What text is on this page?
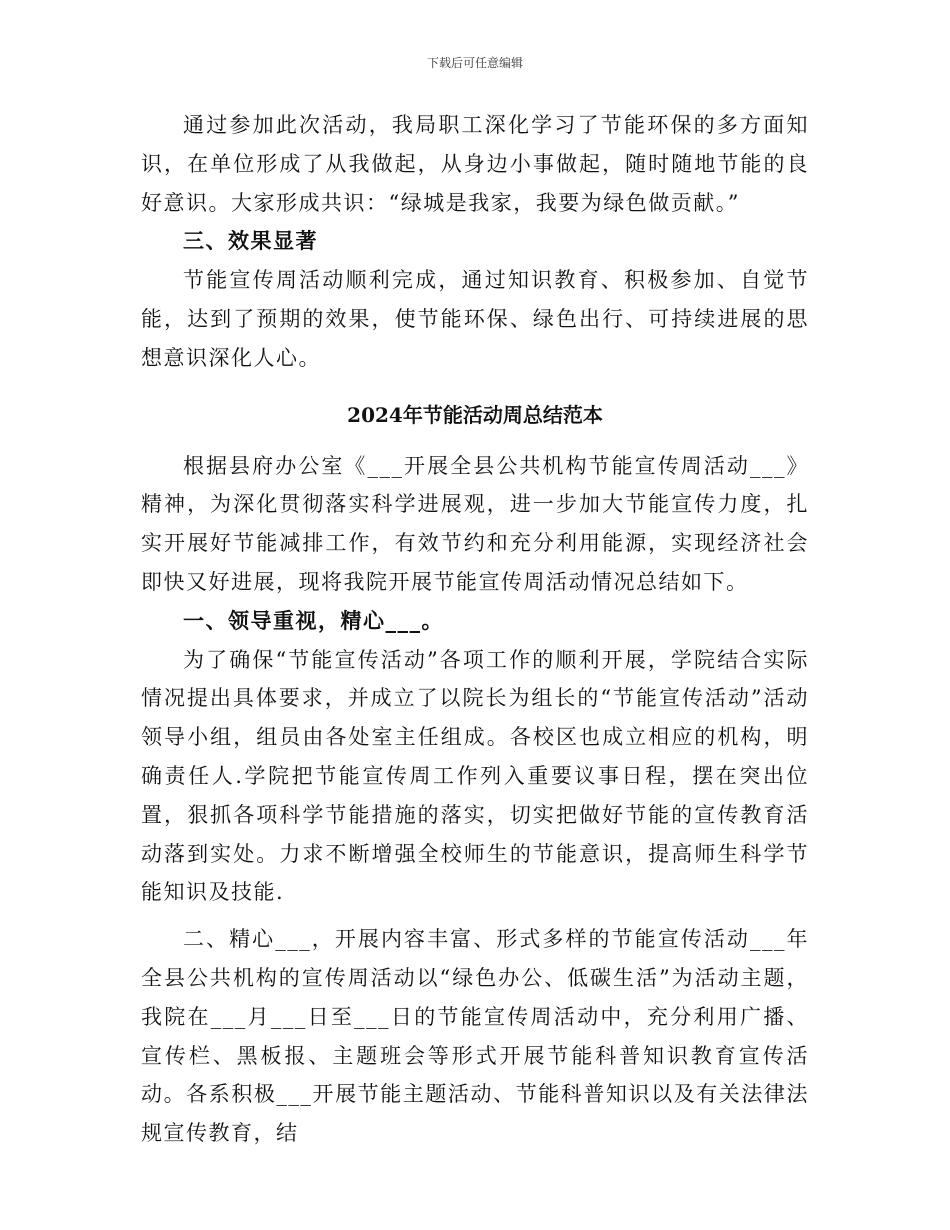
下载后可任意编辑

通过参加此次活动，我局职工深化学习了节能环保的多方面知识，在单位形成了从我做起，从身边小事做起，随时随地节能的良好意识。大家形成共识：“绿城是我家，我要为绿色做贡献。”

三、效果显著

节能宣传周活动顺利完成，通过知识教育、积极参加、自觉节能，达到了预期的效果，使节能环保、绿色出行、可持续进展的思想意识深化人心。

2024年节能活动周总结范本

根据县府办公室《___开展全县公共机构节能宣传周活动___》精神，为深化贯彻落实科学进展观，进一步加大节能宣传力度，扎实开展好节能减排工作，有效节约和充分利用能源，实现经济社会即快又好进展，现将我院开展节能宣传周活动情况总结如下。

一、领导重视，精心___。

为了确保“节能宣传活动”各项工作的顺利开展，学院结合实际情况提出具体要求，并成立了以院长为组长的“节能宣传活动”活动领导小组，组员由各处室主任组成。各校区也成立相应的机构，明确责任人.学院把节能宣传周工作列入重要议事日程，摆在突出位置，狠抓各项科学节能措施的落实，切实把做好节能的宣传教育活动落到实处。力求不断增强全校师生的节能意识，提高师生科学节能知识及技能.

二、精心___，开展内容丰富、形式多样的节能宣传活动___年全县公共机构的宣传周活动以“绿色办公、低碳生活”为活动主题，我院在___月___日至___日的节能宣传周活动中，充分利用广播、宣传栏、黑板报、主题班会等形式开展节能科普知识教育宣传活动。各系积极___开展节能主题活动、节能科普知识以及有关法律法规宣传教育，结
